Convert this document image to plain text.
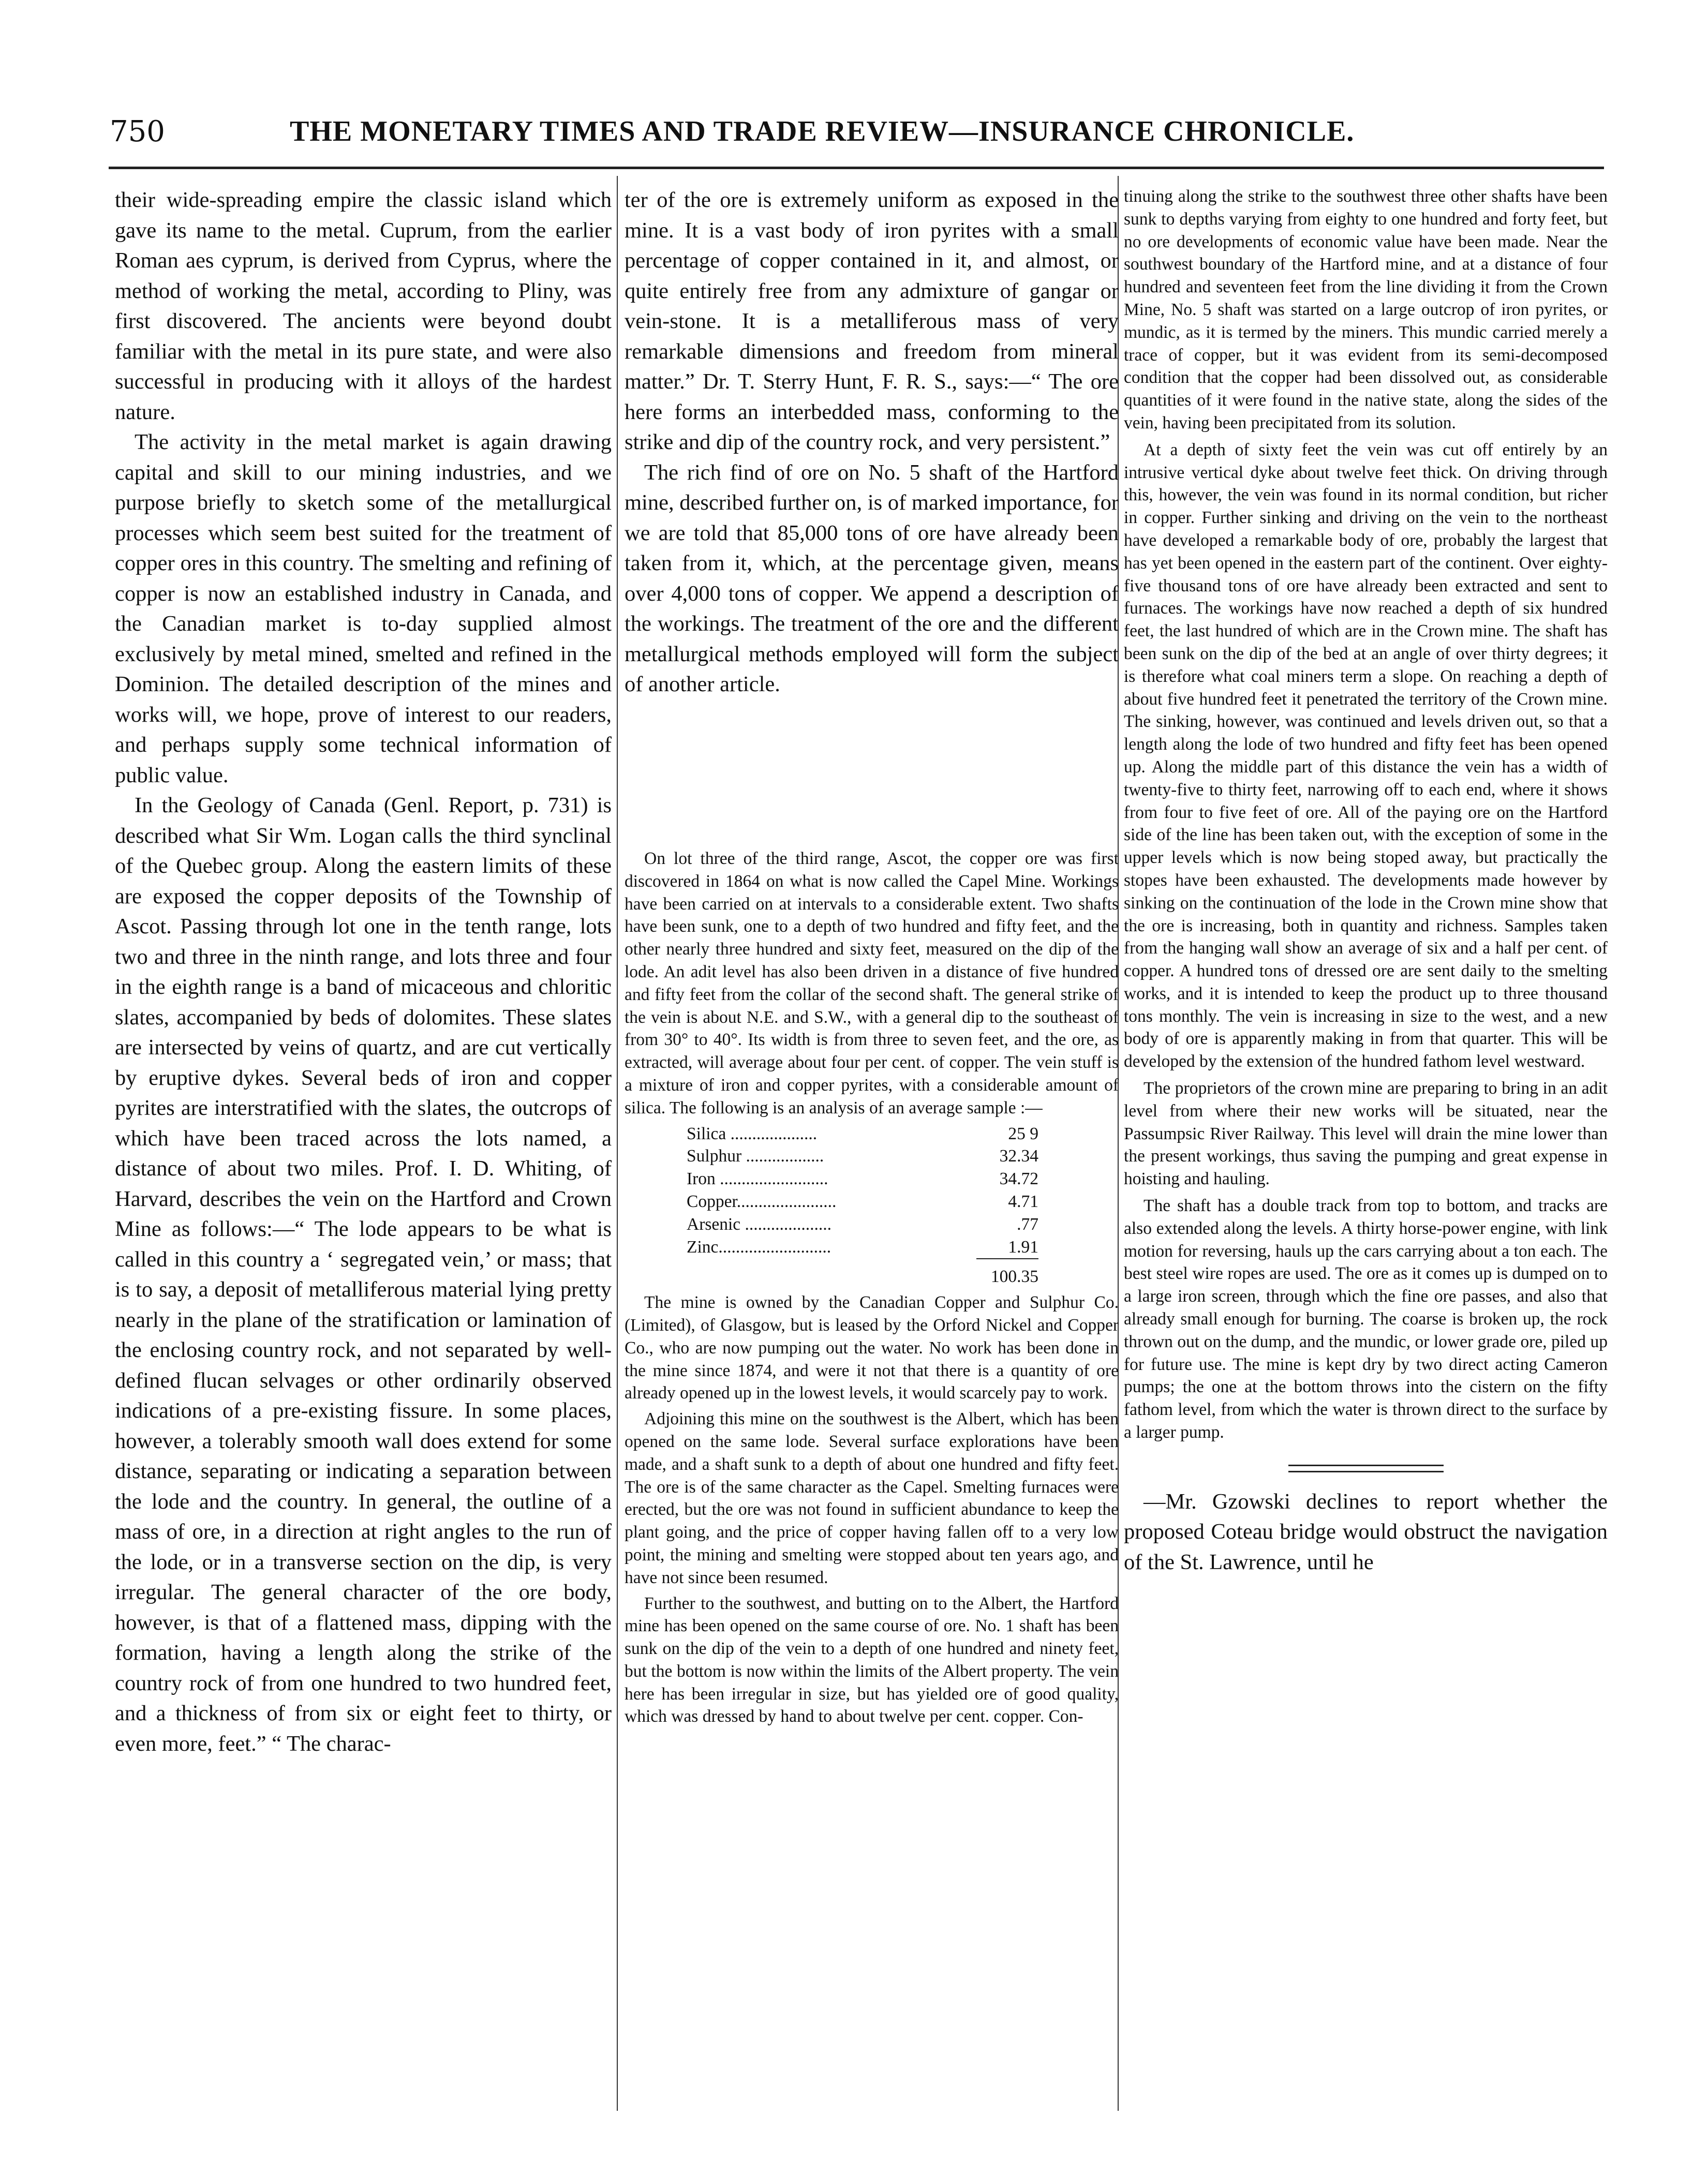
750	THE MONETARY TIMES AND TRADE REVIEW—INSURANCE CHRONICLE.

their wide-spreading empire the classic island which gave its name to the metal. Cuprum, from the earlier Roman aes cyprum, is derived from Cyprus, where the method of working the metal, according to Pliny, was first discovered. The ancients were beyond doubt familiar with the metal in its pure state, and were also successful in producing with it alloys of the hardest nature.

The activity in the metal market is again drawing capital and skill to our mining industries, and we purpose briefly to sketch some of the metallurgical processes which seem best suited for the treatment of copper ores in this country. The smelting and refining of copper is now an established industry in Canada, and the Canadian market is to-day supplied almost exclusively by metal mined, smelted and refined in the Dominion. The detailed description of the mines and works will, we hope, prove of interest to our readers, and perhaps supply some technical information of public value.

In the Geology of Canada (Genl. Report, p. 731) is described what Sir Wm. Logan calls the third synclinal of the Quebec group. Along the eastern limits of these are exposed the copper deposits of the Township of Ascot. Passing through lot one in the tenth range, lots two and three in the ninth range, and lots three and four in the eighth range is a band of micaceous and chloritic slates, accompanied by beds of dolomites. These slates are intersected by veins of quartz, and are cut vertically by eruptive dykes. Several beds of iron and copper pyrites are interstratified with the slates, the outcrops of which have been traced across the lots named, a distance of about two miles. Prof. I. D. Whiting, of Harvard, describes the vein on the Hartford and Crown Mine as follows:—“ The lode appears to be what is called in this country a ‘ segregated vein,’ or mass; that is to say, a deposit of metalliferous material lying pretty nearly in the plane of the stratification or lamination of the enclosing country rock, and not separated by well-defined flucan selvages or other ordinarily observed indications of a pre-existing fissure. In some places, however, a tolerably smooth wall does extend for some distance, separating or indicating a separation between the lode and the country. In general, the outline of a mass of ore, in a direction at right angles to the run of the lode, or in a transverse section on the dip, is very irregular. The general character of the ore body, however, is that of a flattened mass, dipping with the formation, having a length along the strike of the country rock of from one hundred to two hundred feet, and a thickness of from six or eight feet to thirty, or even more, feet.” “ The charac-

ter of the ore is extremely uniform as exposed in the mine. It is a vast body of iron pyrites with a small percentage of copper contained in it, and almost, or quite entirely free from any admixture of gangar or vein-stone. It is a metalliferous mass of very remarkable dimensions and freedom from mineral matter.” Dr. T. Sterry Hunt, F. R. S., says:—“ The ore here forms an interbedded mass, conforming to the strike and dip of the country rock, and very persistent.”

The rich find of ore on No. 5 shaft of the Hartford mine, described further on, is of marked importance, for we are told that 85,000 tons of ore have already been taken from it, which, at the percentage given, means over 4,000 tons of copper. We append a description of the workings. The treatment of the ore and the different metallurgical methods employed will form the subject of another article.

On lot three of the third range, Ascot, the copper ore was first discovered in 1864 on what is now called the Capel Mine. Workings have been carried on at intervals to a considerable extent. Two shafts have been sunk, one to a depth of two hundred and fifty feet, and the other nearly three hundred and sixty feet, measured on the dip of the lode. An adit level has also been driven in a distance of five hundred and fifty feet from the collar of the second shaft. The general strike of the vein is about N.E. and S.W., with a general dip to the southeast of from 30° to 40°. Its width is from three to seven feet, and the ore, as extracted, will average about four per cent. of copper. The vein stuff is a mixture of iron and copper pyrites, with a considerable amount of silica. The following is an analysis of an average sample :—

Silica ....................	25 9
Sulphur ..................	32.34
Iron .........................	34.72
Copper.......................	4.71
Arsenic ....................	.77
Zinc..........................	1.91
	100.35

The mine is owned by the Canadian Copper and Sulphur Co. (Limited), of Glasgow, but is leased by the Orford Nickel and Copper Co., who are now pumping out the water. No work has been done in the mine since 1874, and were it not that there is a quantity of ore already opened up in the lowest levels, it would scarcely pay to work.

Adjoining this mine on the southwest is the Albert, which has been opened on the same lode. Several surface explorations have been made, and a shaft sunk to a depth of about one hundred and fifty feet. The ore is of the same character as the Capel. Smelting furnaces were erected, but the ore was not found in sufficient abundance to keep the plant going, and the price of copper having fallen off to a very low point, the mining and smelting were stopped about ten years ago, and have not since been resumed.

Further to the southwest, and butting on to the Albert, the Hartford mine has been opened on the same course of ore. No. 1 shaft has been sunk on the dip of the vein to a depth of one hundred and ninety feet, but the bottom is now within the limits of the Albert property. The vein here has been irregular in size, but has yielded ore of good quality, which was dressed by hand to about twelve per cent. copper. Con-

tinuing along the strike to the southwest three other shafts have been sunk to depths varying from eighty to one hundred and forty feet, but no ore developments of economic value have been made. Near the southwest boundary of the Hartford mine, and at a distance of four hundred and seventeen feet from the line dividing it from the Crown Mine, No. 5 shaft was started on a large outcrop of iron pyrites, or mundic, as it is termed by the miners. This mundic carried merely a trace of copper, but it was evident from its semi-decomposed condition that the copper had been dissolved out, as considerable quantities of it were found in the native state, along the sides of the vein, having been precipitated from its solution.

At a depth of sixty feet the vein was cut off entirely by an intrusive vertical dyke about twelve feet thick. On driving through this, however, the vein was found in its normal condition, but richer in copper. Further sinking and driving on the vein to the northeast have developed a remarkable body of ore, probably the largest that has yet been opened in the eastern part of the continent. Over eighty-five thousand tons of ore have already been extracted and sent to furnaces. The workings have now reached a depth of six hundred feet, the last hundred of which are in the Crown mine. The shaft has been sunk on the dip of the bed at an angle of over thirty degrees; it is therefore what coal miners term a slope. On reaching a depth of about five hundred feet it penetrated the territory of the Crown mine. The sinking, however, was continued and levels driven out, so that a length along the lode of two hundred and fifty feet has been opened up. Along the middle part of this distance the vein has a width of twenty-five to thirty feet, narrowing off to each end, where it shows from four to five feet of ore. All of the paying ore on the Hartford side of the line has been taken out, with the exception of some in the upper levels which is now being stoped away, but practically the stopes have been exhausted. The developments made however by sinking on the continuation of the lode in the Crown mine show that the ore is increasing, both in quantity and richness. Samples taken from the hanging wall show an average of six and a half per cent. of copper. A hundred tons of dressed ore are sent daily to the smelting works, and it is intended to keep the product up to three thousand tons monthly. The vein is increasing in size to the west, and a new body of ore is apparently making in from that quarter. This will be developed by the extension of the hundred fathom level westward.

The proprietors of the crown mine are preparing to bring in an adit level from where their new works will be situated, near the Passumpsic River Railway. This level will drain the mine lower than the present workings, thus saving the pumping and great expense in hoisting and hauling.

The shaft has a double track from top to bottom, and tracks are also extended along the levels. A thirty horse-power engine, with link motion for reversing, hauls up the cars carrying about a ton each. The best steel wire ropes are used. The ore as it comes up is dumped on to a large iron screen, through which the fine ore passes, and also that already small enough for burning. The coarse is broken up, the rock thrown out on the dump, and the mundic, or lower grade ore, piled up for future use. The mine is kept dry by two direct acting Cameron pumps; the one at the bottom throws into the cistern on the fifty fathom level, from which the water is thrown direct to the surface by a larger pump.

—Mr. Gzowski declines to report whether the proposed Coteau bridge would obstruct the navigation of the St. Lawrence, until he
